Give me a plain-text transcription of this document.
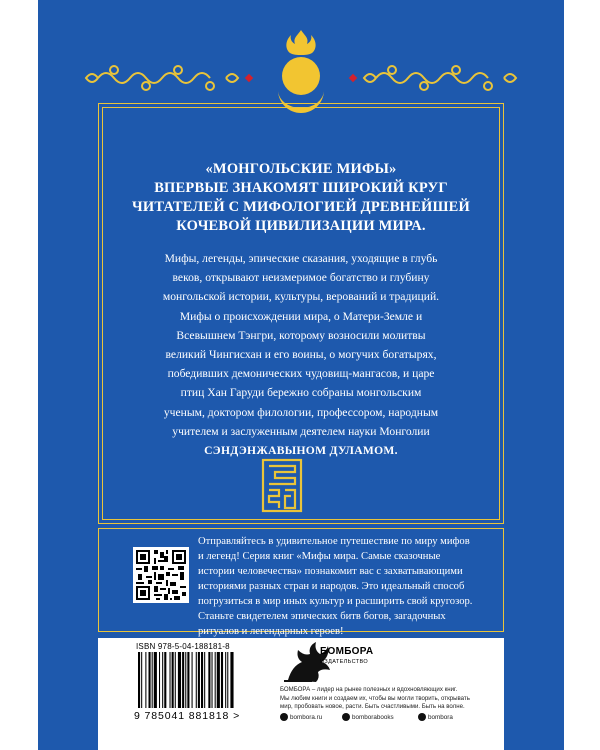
«МОНГОЛЬСКИЕ МИФЫ»
ВПЕРВЫЕ ЗНАКОМЯТ ШИРОКИЙ КРУГ
ЧИТАТЕЛЕЙ С МИФОЛОГИЕЙ ДРЕВНЕЙШЕЙ
КОЧЕВОЙ ЦИВИЛИЗАЦИИ МИРА.
Мифы, легенды, эпические сказания, уходящие в глубь
веков, открывают неизмеримое богатство и глубину
монгольской истории, культуры, верований и традиций.
Мифы о происхождении мира, о Матери-Земле и
Всевышнем Тэнгри, которому возносили молитвы
великий Чингисхан и его воины, о могучих богатырях,
победивших демонических чудовищ-мангасов, и царе
птиц Хан Гаруди бережно собраны монгольским
ученым, доктором филологии, профессором, народным
учителем и заслуженным деятелем науки Монголии
СЭНДЭНЖАВЫНОМ ДУЛАМОМ.
Отправляйтесь в удивительное путешествие по миру мифов
и легенд! Серия книг «Мифы мира. Самые сказочные
истории человечества» познакомит вас с захватывающими
историями разных стран и народов. Это идеальный способ
погрузиться в мир иных культур и расширить свой кругозор.
Станьте свидетелем эпических битв богов, загадочных
ритуалов и легендарных героев!
ISBN 978-5-04-188181-8
9 785041 881818 >
БОМБОРА
ИЗДАТЕЛЬСТВО
БОМБОРА – лидер на рынке полезных и вдохновляющих книг.
Мы любим книги и создаем их, чтобы вы могли творить, открывать
мир, пробовать новое, расти. Быть счастливыми. Быть на волне.
bombora.ru	bomborabooks	bombora
